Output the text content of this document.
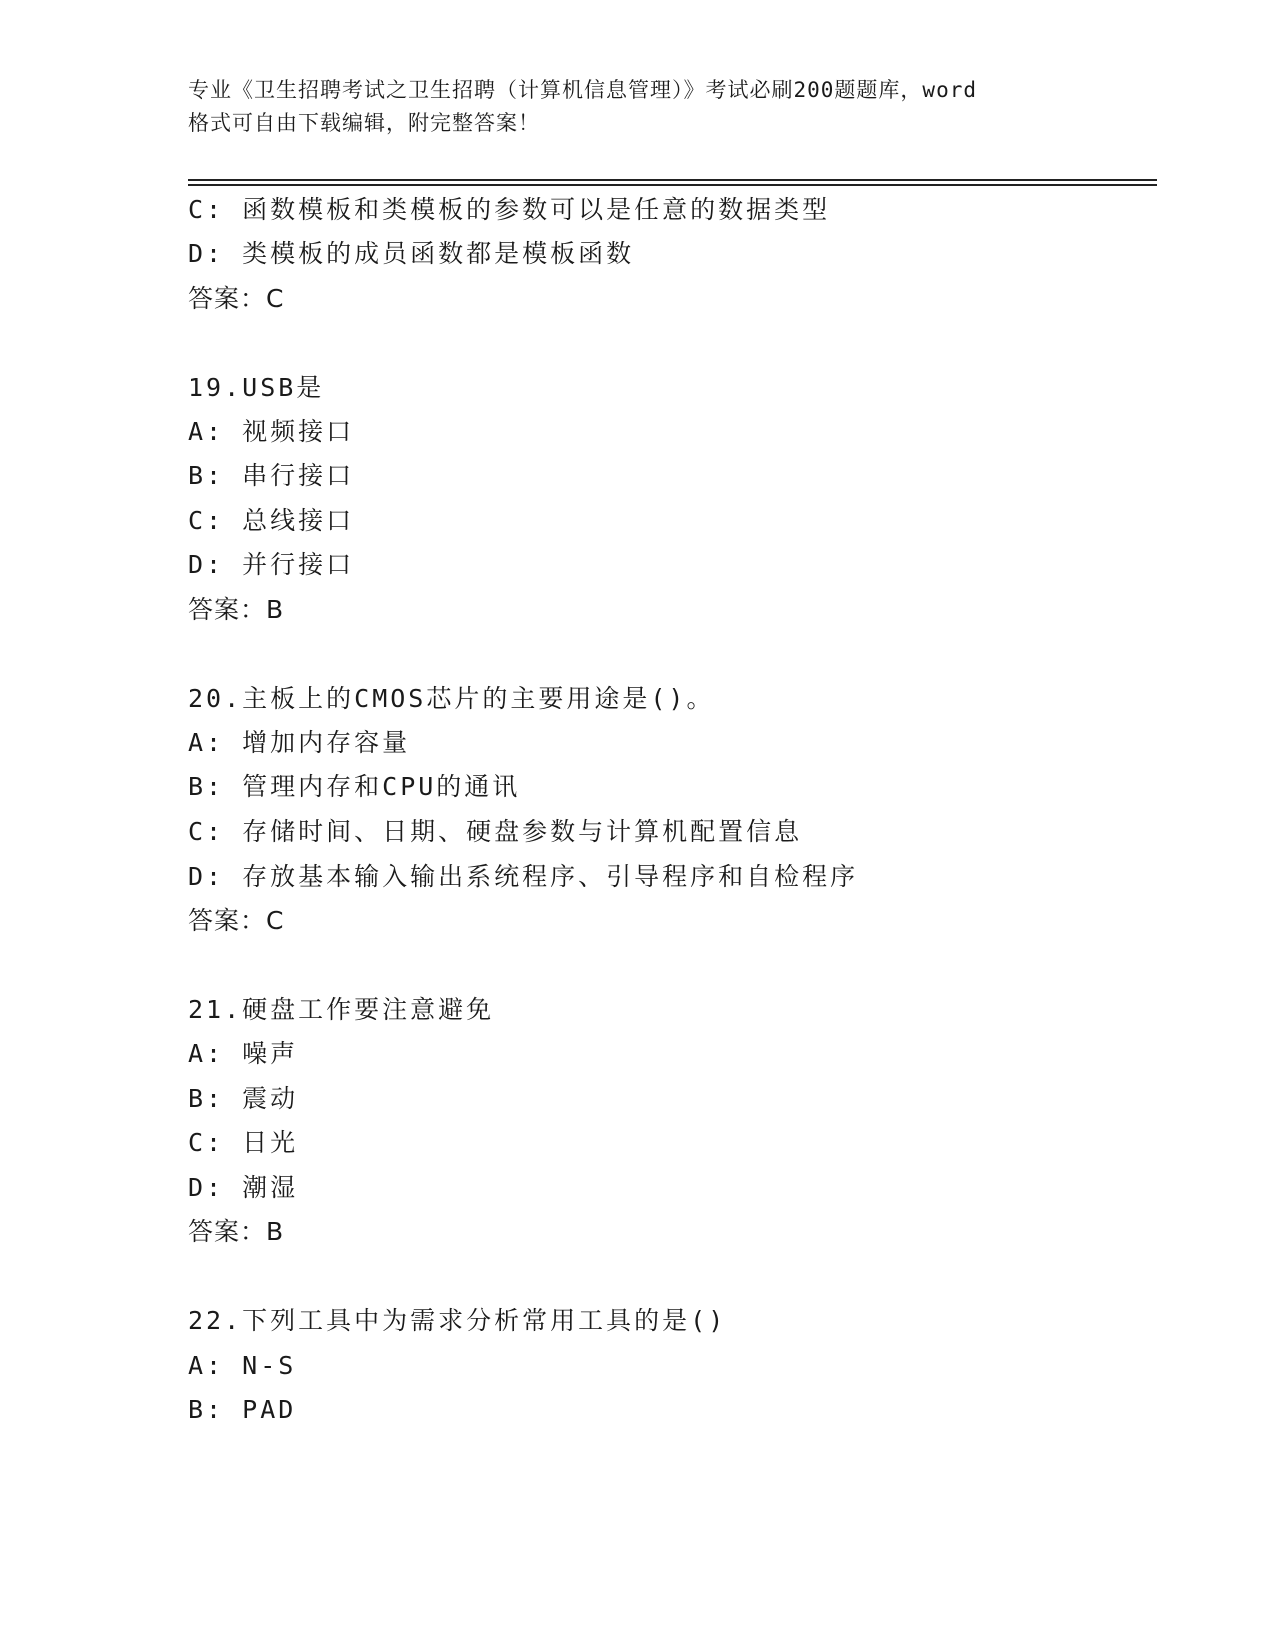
专业《卫生招聘考试之卫生招聘（计算机信息管理）》考试必刷200题题库，word
格式可自由下载编辑，附完整答案！
C: 函数模板和类模板的参数可以是任意的数据类型
D: 类模板的成员函数都是模板函数
答案：C
19.USB是
A: 视频接口
B: 串行接口
C: 总线接口
D: 并行接口
答案：B
20.主板上的CMOS芯片的主要用途是()。
A: 增加内存容量
B: 管理内存和CPU的通讯
C: 存储时间、日期、硬盘参数与计算机配置信息
D: 存放基本输入输出系统程序、引导程序和自检程序
答案：C
21.硬盘工作要注意避免
A: 噪声
B: 震动
C: 日光
D: 潮湿
答案：B
22.下列工具中为需求分析常用工具的是()
A: N-S
B: PAD
